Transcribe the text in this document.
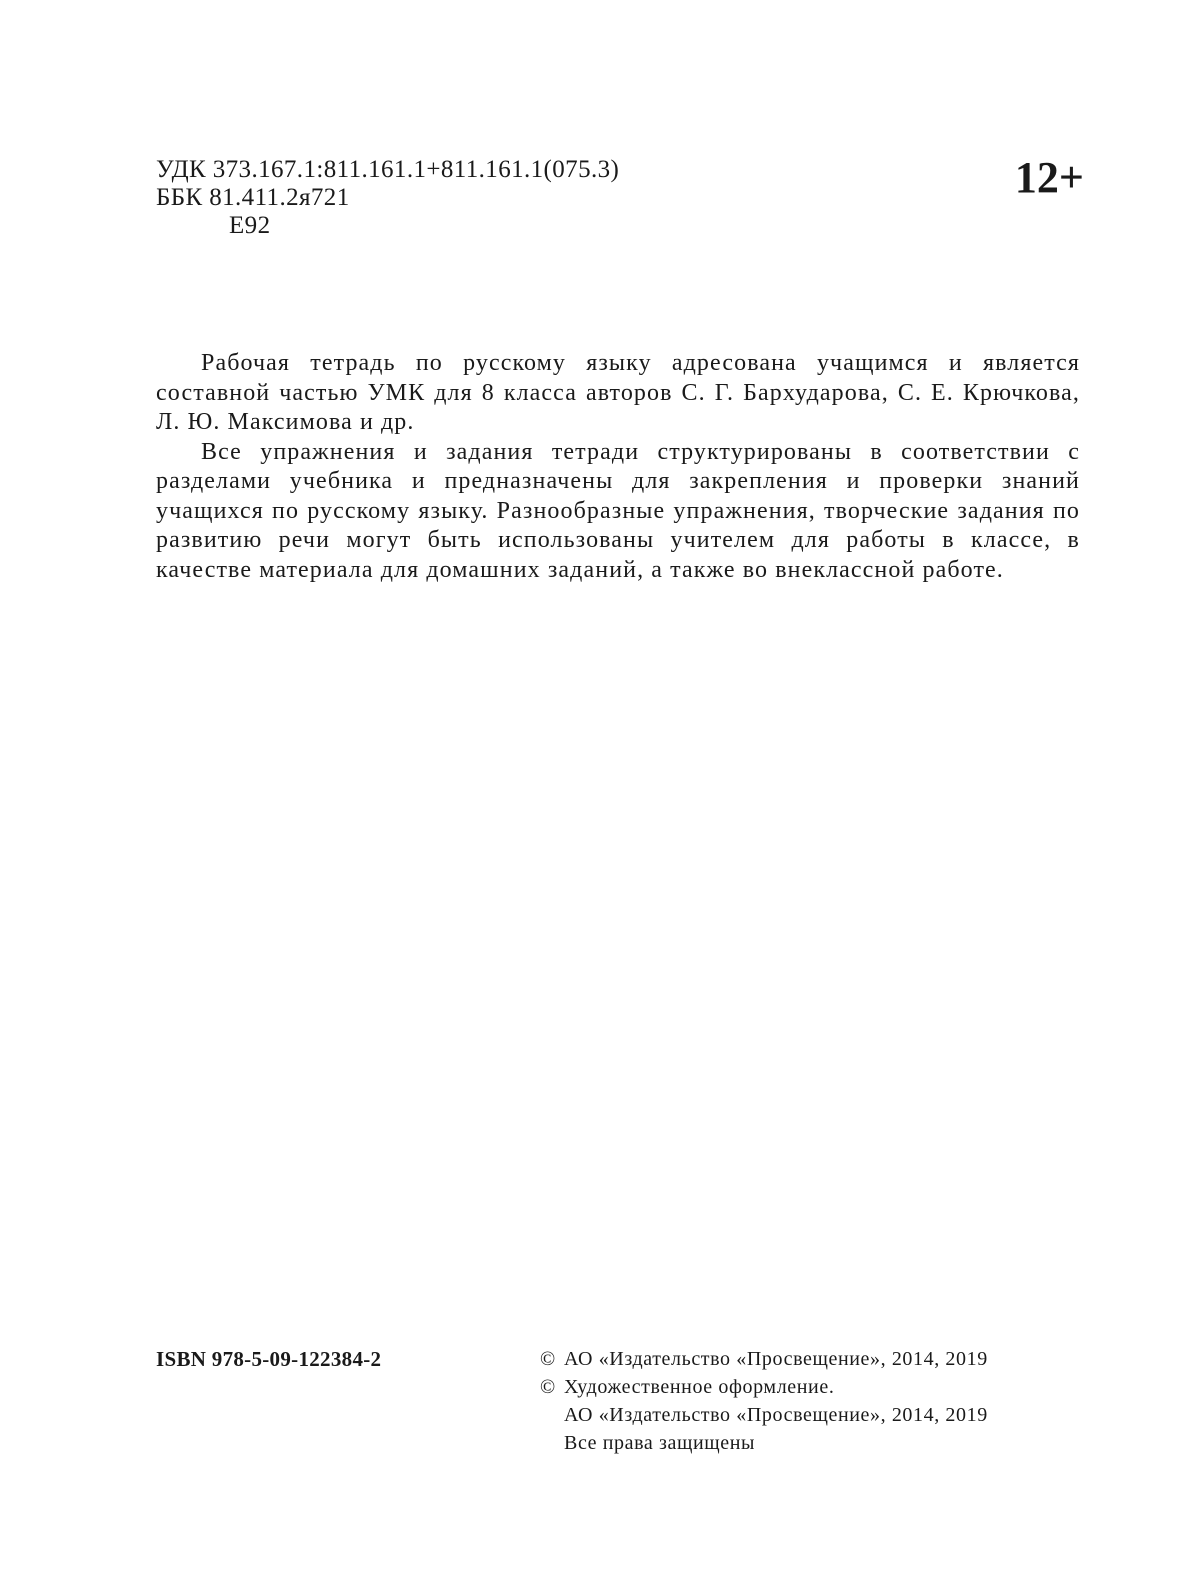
УДК 373.167.1:811.161.1+811.161.1(075.3)
ББК 81.411.2я721
Е92
12+

Рабочая тетрадь по русскому языку адресована учащимся и является составной частью УМК для 8 класса авторов С. Г. Бархударова, С. Е. Крючкова, Л. Ю. Максимова и др.

Все упражнения и задания тетради структурированы в соответствии с разделами учебника и предназначены для закрепления и проверки знаний учащихся по русскому языку. Разнообразные упражнения, творческие задания по развитию речи могут быть использованы учителем для работы в классе, в качестве материала для домашних заданий, а также во внеклассной работе.

ISBN 978-5-09-122384-2	© АО «Издательство «Просвещение», 2014, 2019
© Художественное оформление.
АО «Издательство «Просвещение», 2014, 2019
Все права защищены
